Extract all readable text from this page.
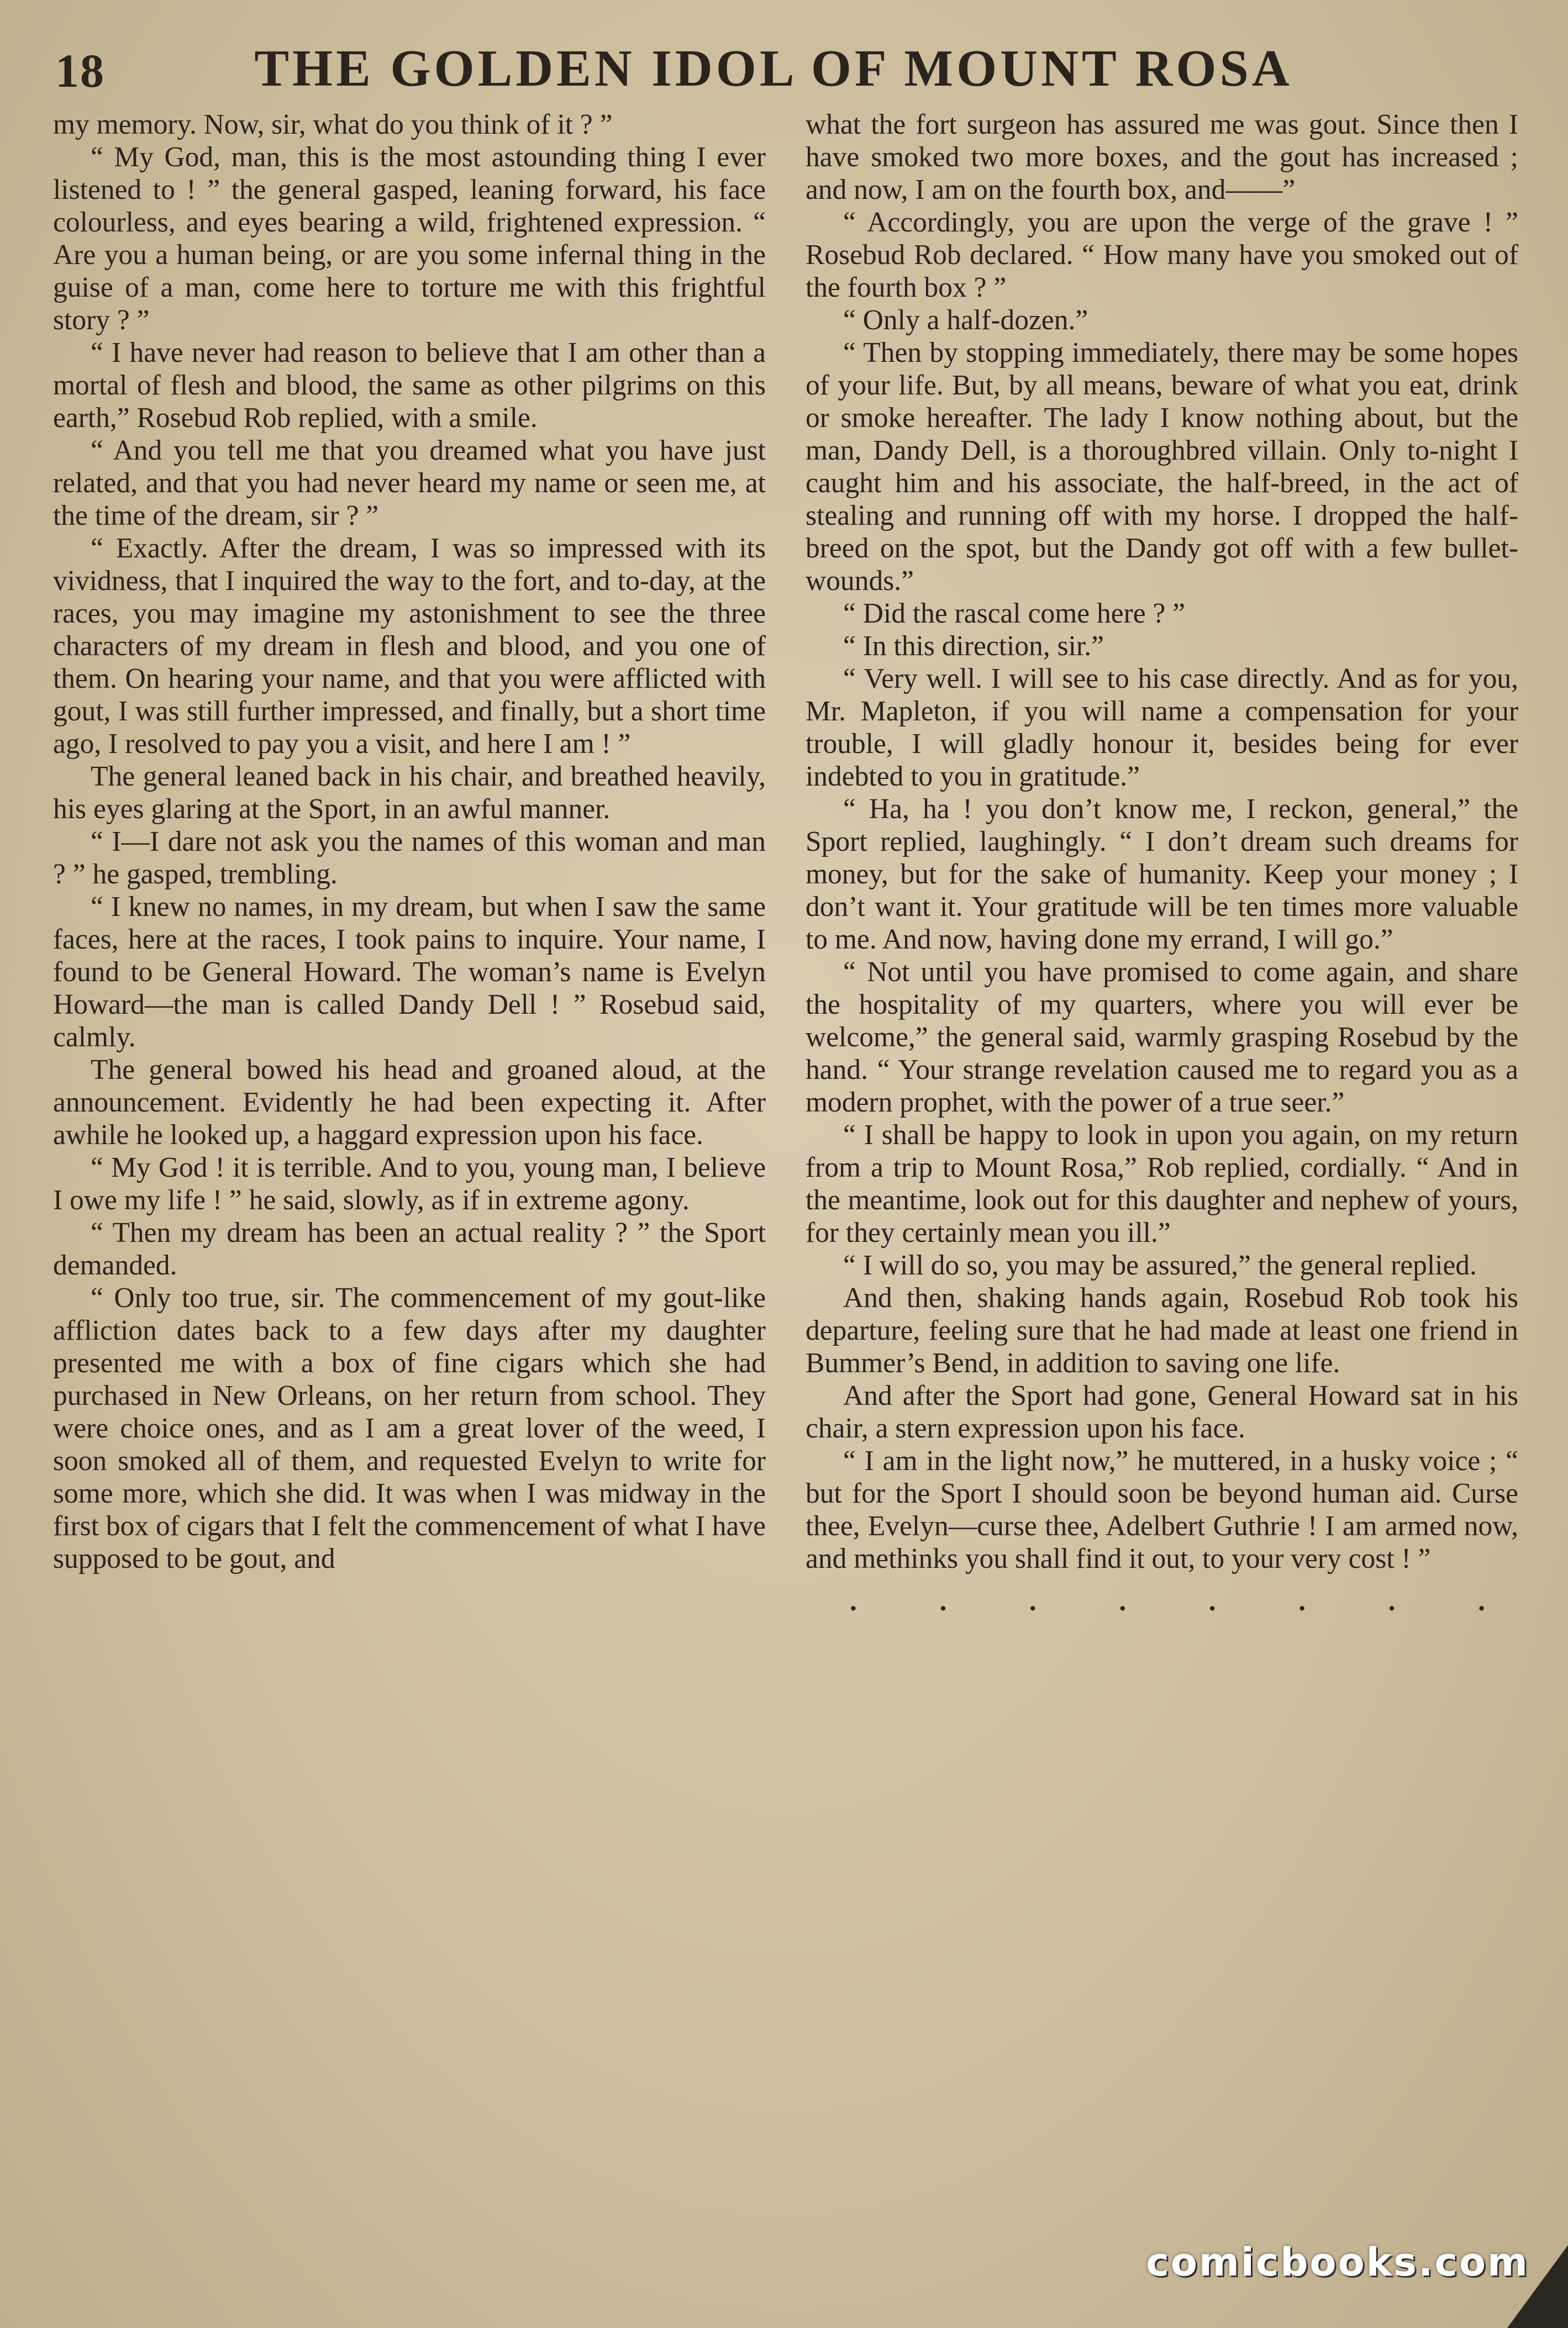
18	THE GOLDEN IDOL OF MOUNT ROSA

my memory. Now, sir, what do you think of it ? ”

“ My God, man, this is the most astounding thing I ever listened to ! ” the general gasped, leaning forward, his face colourless, and eyes bearing a wild, frightened expression. “ Are you a human being, or are you some infernal thing in the guise of a man, come here to torture me with this frightful story ? ”

“ I have never had reason to believe that I am other than a mortal of flesh and blood, the same as other pilgrims on this earth,” Rosebud Rob replied, with a smile.

“ And you tell me that you dreamed what you have just related, and that you had never heard my name or seen me, at the time of the dream, sir ? ”

“ Exactly. After the dream, I was so impressed with its vividness, that I inquired the way to the fort, and to-day, at the races, you may imagine my astonishment to see the three characters of my dream in flesh and blood, and you one of them. On hearing your name, and that you were afflicted with gout, I was still further impressed, and finally, but a short time ago, I resolved to pay you a visit, and here I am ! ”

The general leaned back in his chair, and breathed heavily, his eyes glaring at the Sport, in an awful manner.

“ I—I dare not ask you the names of this woman and man ? ” he gasped, trembling.

“ I knew no names, in my dream, but when I saw the same faces, here at the races, I took pains to inquire. Your name, I found to be General Howard. The woman’s name is Evelyn Howard—the man is called Dandy Dell ! ” Rosebud said, calmly.

The general bowed his head and groaned aloud, at the announcement. Evidently he had been expecting it. After awhile he looked up, a haggard expression upon his face.

“ My God ! it is terrible. And to you, young man, I believe I owe my life ! ” he said, slowly, as if in extreme agony.

“ Then my dream has been an actual reality ? ” the Sport demanded.

“ Only too true, sir. The commencement of my gout-like affliction dates back to a few days after my daughter presented me with a box of fine cigars which she had purchased in New Orleans, on her return from school. They were choice ones, and as I am a great lover of the weed, I soon smoked all of them, and requested Evelyn to write for some more, which she did. It was when I was midway in the first box of cigars that I felt the commencement of what I have supposed to be gout, and

what the fort surgeon has assured me was gout. Since then I have smoked two more boxes, and the gout has increased ; and now, I am on the fourth box, and——”

“ Accordingly, you are upon the verge of the grave ! ” Rosebud Rob declared. “ How many have you smoked out of the fourth box ? ”

“ Only a half-dozen.”

“ Then by stopping immediately, there may be some hopes of your life. But, by all means, beware of what you eat, drink or smoke hereafter. The lady I know nothing about, but the man, Dandy Dell, is a thoroughbred villain. Only to-night I caught him and his associate, the half-breed, in the act of stealing and running off with my horse. I dropped the half-breed on the spot, but the Dandy got off with a few bullet-wounds.”

“ Did the rascal come here ? ”

“ In this direction, sir.”

“ Very well. I will see to his case directly. And as for you, Mr. Mapleton, if you will name a compensation for your trouble, I will gladly honour it, besides being for ever indebted to you in gratitude.”

“ Ha, ha ! you don’t know me, I reckon, general,” the Sport replied, laughingly. “ I don’t dream such dreams for money, but for the sake of humanity. Keep your money ; I don’t want it. Your gratitude will be ten times more valuable to me. And now, having done my errand, I will go.”

“ Not until you have promised to come again, and share the hospitality of my quarters, where you will ever be welcome,” the general said, warmly grasping Rosebud by the hand. “ Your strange revelation caused me to regard you as a modern prophet, with the power of a true seer.”

“ I shall be happy to look in upon you again, on my return from a trip to Mount Rosa,” Rob replied, cordially. “ And in the meantime, look out for this daughter and nephew of yours, for they certainly mean you ill.”

“ I will do so, you may be assured,” the general replied.

And then, shaking hands again, Rosebud Rob took his departure, feeling sure that he had made at least one friend in Bummer’s Bend, in addition to saving one life.

And after the Sport had gone, General Howard sat in his chair, a stern expression upon his face.

“ I am in the light now,” he muttered, in a husky voice ; “ but for the Sport I should soon be beyond human aid. Curse thee, Evelyn—curse thee, Adelbert Guthrie ! I am armed now, and methinks you shall find it out, to your very cost ! ”

.	.	.	.	.	.	.	.
comicbooks.com
